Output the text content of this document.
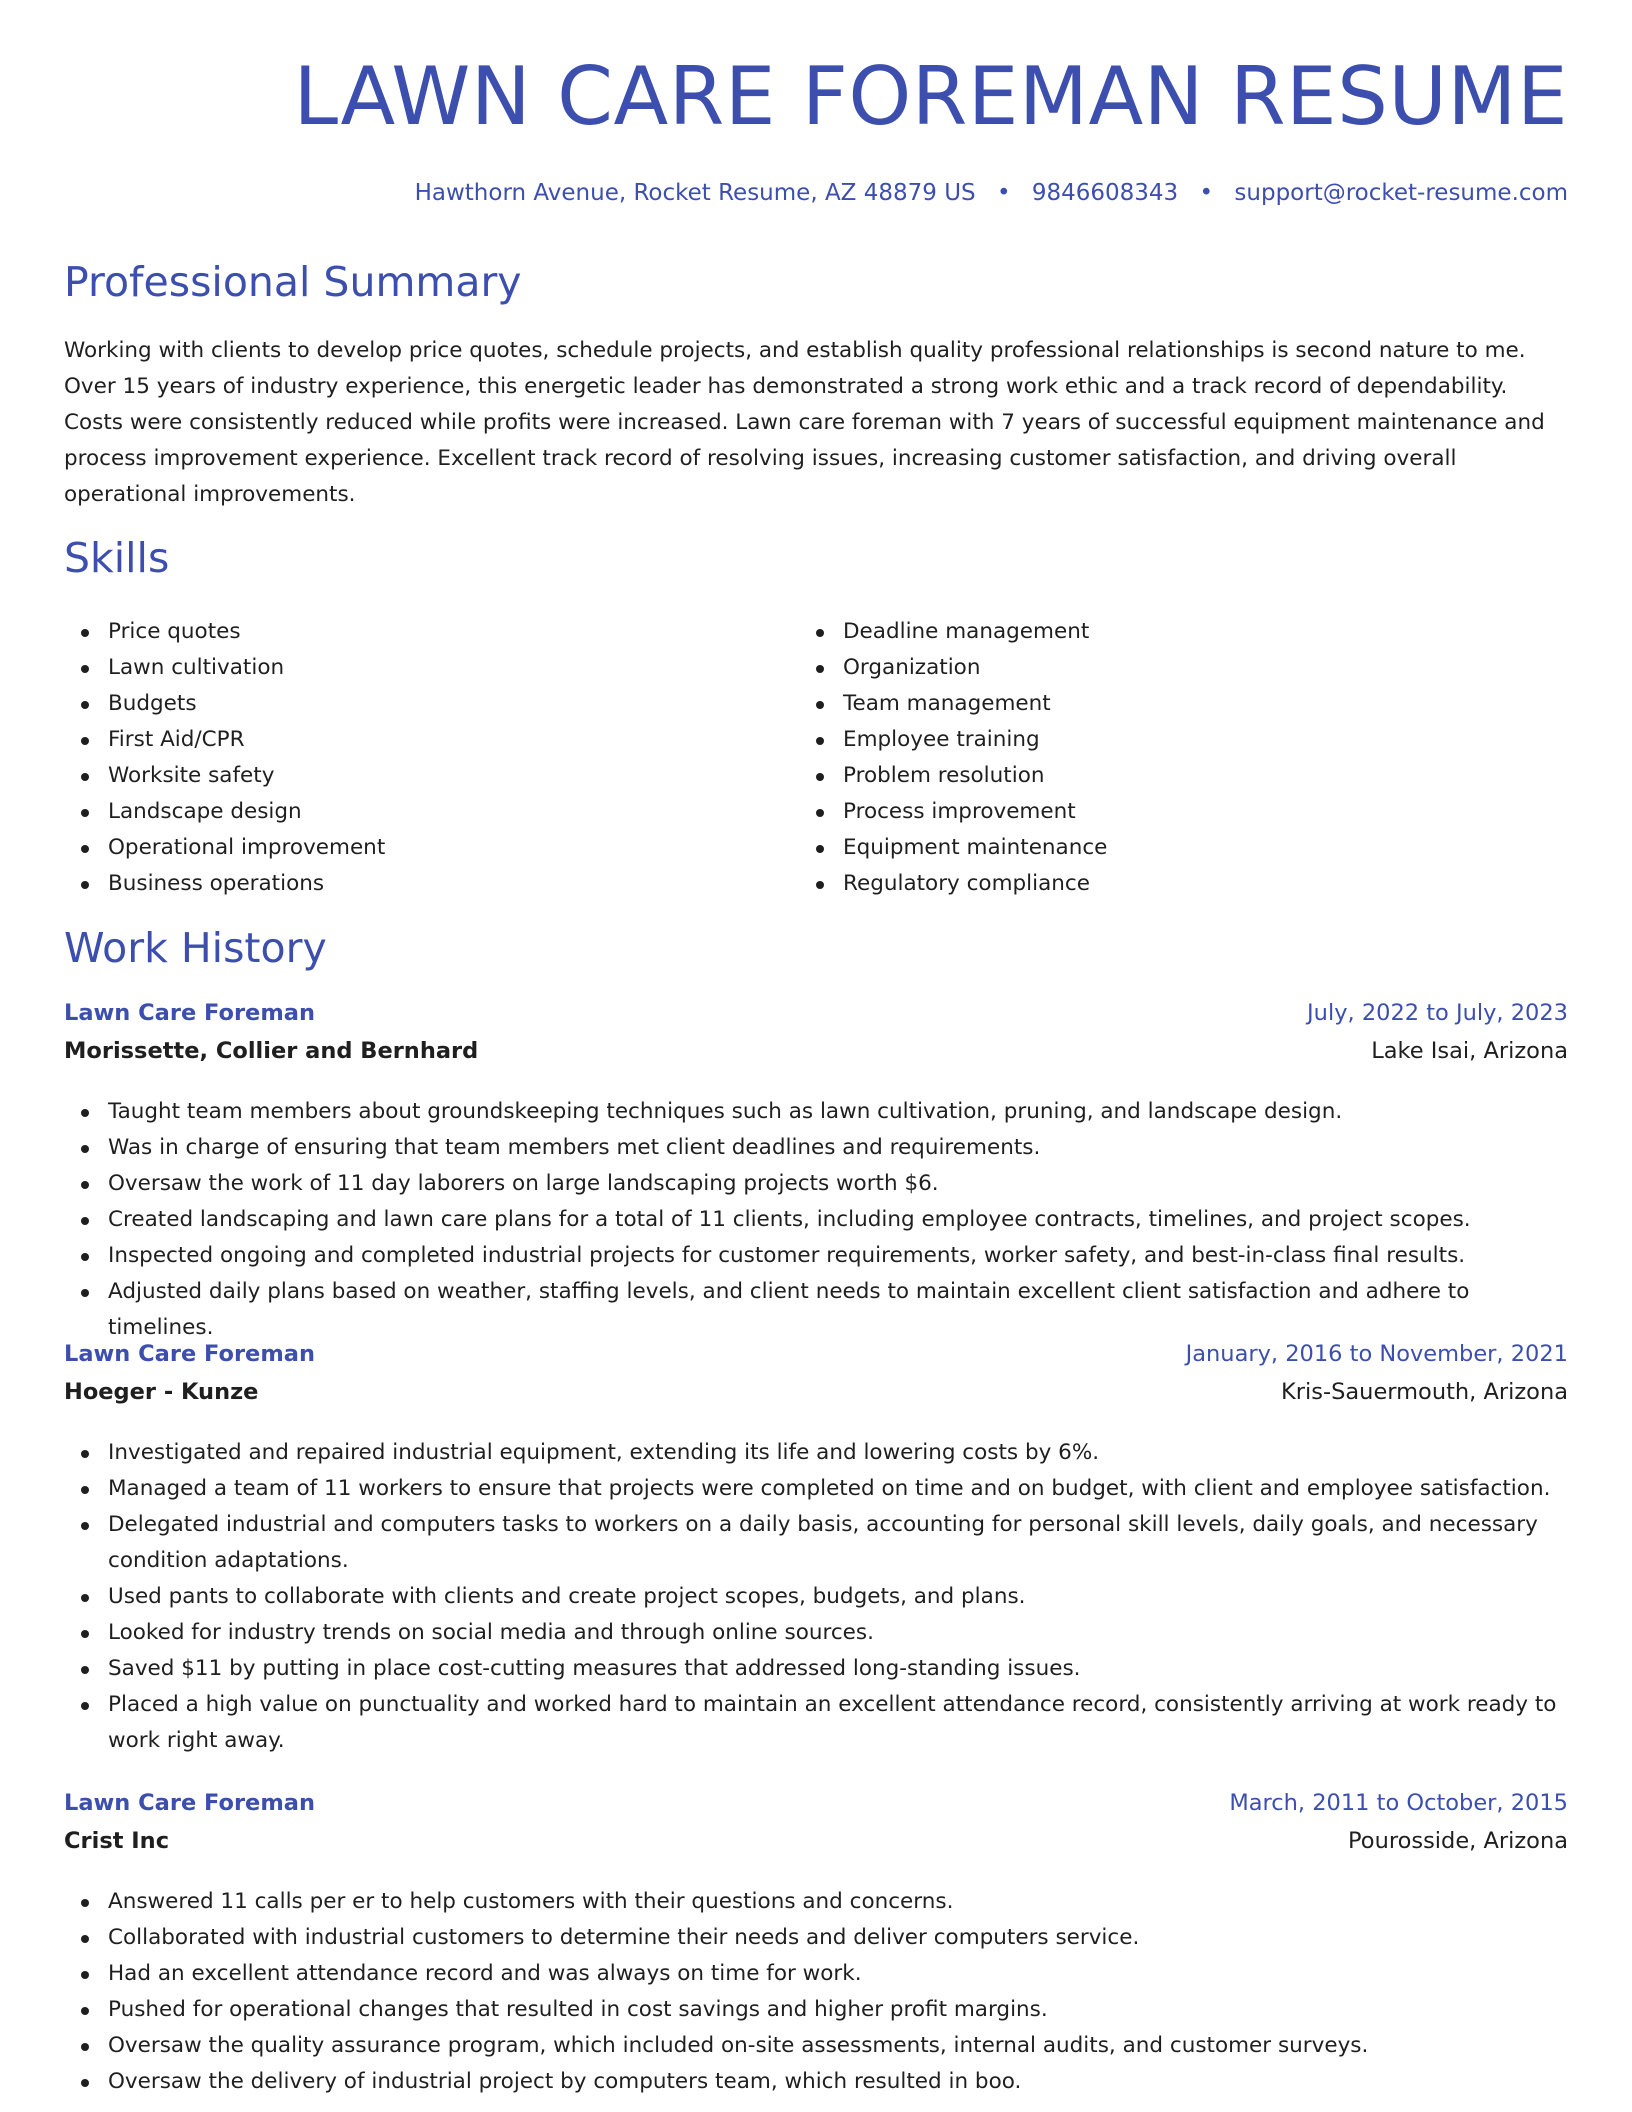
LAWN CARE FOREMAN RESUME
Hawthorn Avenue, Rocket Resume, AZ 48879 US • 9846608343 • support@rocket-resume.com
Professional Summary

Working with clients to develop price quotes, schedule projects, and establish quality professional relationships is second nature to me. Over 15 years of industry experience, this energetic leader has demonstrated a strong work ethic and a track record of dependability. Costs were consistently reduced while profits were increased. Lawn care foreman with 7 years of successful equipment maintenance and process improvement experience. Excellent track record of resolving issues, increasing customer satisfaction, and driving overall operational improvements.

Skills
Price quotes
Lawn cultivation
Budgets
First Aid/CPR
Worksite safety
Landscape design
Operational improvement
Business operations
Deadline management
Organization
Team management
Employee training
Problem resolution
Process improvement
Equipment maintenance
Regulatory compliance
Work History
Lawn Care Foreman	July, 2022 to July, 2023
Morissette, Collier and Bernhard	Lake Isai, Arizona
Taught team members about groundskeeping techniques such as lawn cultivation, pruning, and landscape design.
Was in charge of ensuring that team members met client deadlines and requirements.
Oversaw the work of 11 day laborers on large landscaping projects worth $6.
Created landscaping and lawn care plans for a total of 11 clients, including employee contracts, timelines, and project scopes.
Inspected ongoing and completed industrial projects for customer requirements, worker safety, and best-in-class final results.
Adjusted daily plans based on weather, staffing levels, and client needs to maintain excellent client satisfaction and adhere to timelines.
Lawn Care Foreman	January, 2016 to November, 2021
Hoeger - Kunze	Kris-Sauermouth, Arizona
Investigated and repaired industrial equipment, extending its life and lowering costs by 6%.
Managed a team of 11 workers to ensure that projects were completed on time and on budget, with client and employee satisfaction.
Delegated industrial and computers tasks to workers on a daily basis, accounting for personal skill levels, daily goals, and necessary condition adaptations.
Used pants to collaborate with clients and create project scopes, budgets, and plans.
Looked for industry trends on social media and through online sources.
Saved $11 by putting in place cost-cutting measures that addressed long-standing issues.
Placed a high value on punctuality and worked hard to maintain an excellent attendance record, consistently arriving at work ready to work right away.
Lawn Care Foreman	March, 2011 to October, 2015
Crist Inc	Pourosside, Arizona
Answered 11 calls per er to help customers with their questions and concerns.
Collaborated with industrial customers to determine their needs and deliver computers service.
Had an excellent attendance record and was always on time for work.
Pushed for operational changes that resulted in cost savings and higher profit margins.
Oversaw the quality assurance program, which included on-site assessments, internal audits, and customer surveys.
Oversaw the delivery of industrial project by computers team, which resulted in boo.
